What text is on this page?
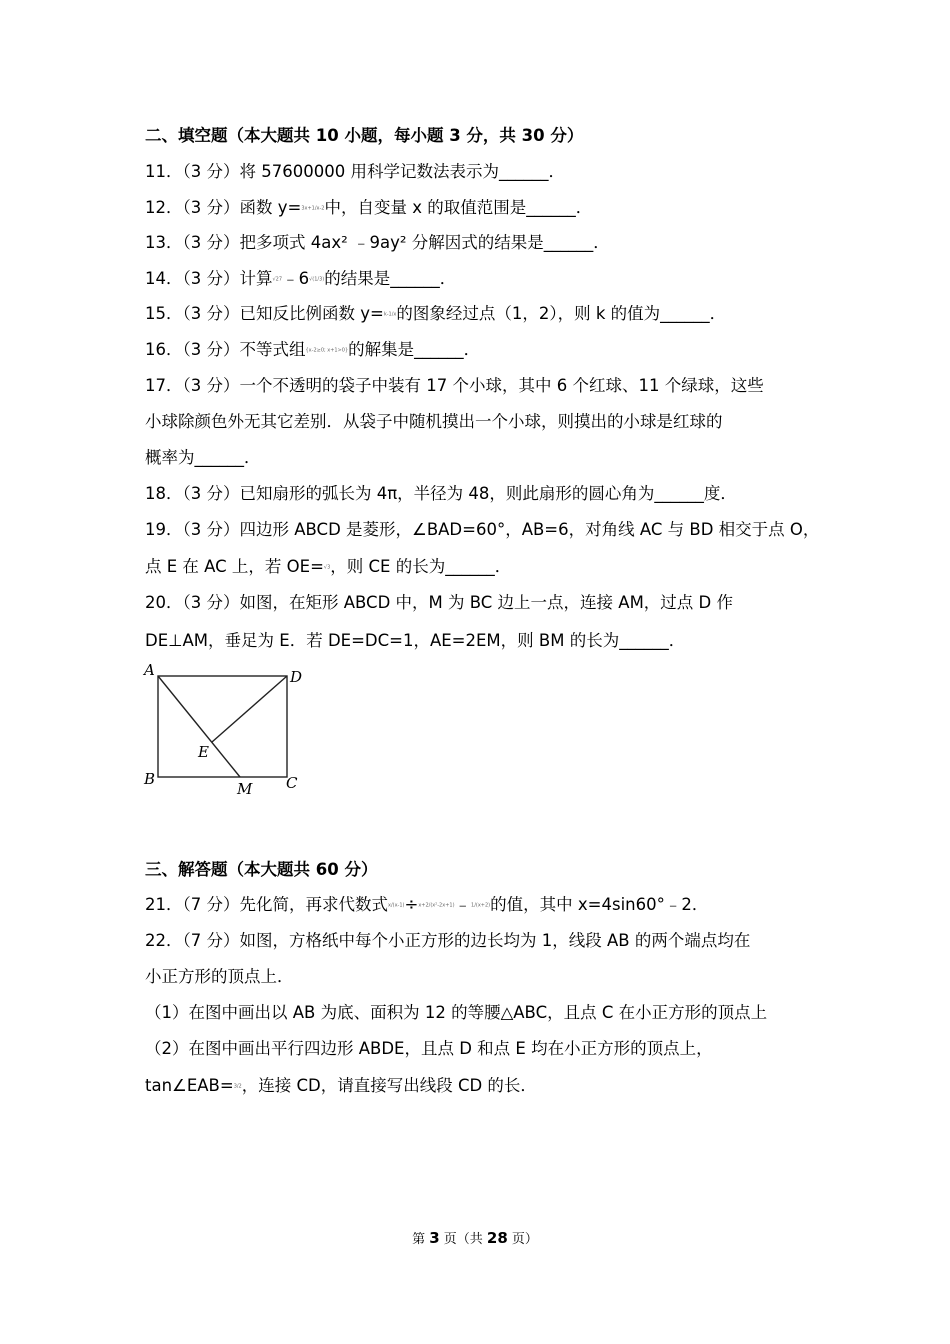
二、填空题（本大题共 10 小题，每小题 3 分，共 30 分）
11．（3 分）将 57600000 用科学记数法表示为______．
12．（3 分）函数 y=3x+1/x-2中，自变量 x 的取值范围是______．
13．（3 分）把多项式 4ax² ﹣9ay² 分解因式的结果是______．
14．（3 分）计算√27﹣6√(1/3)的结果是______．
15．（3 分）已知反比例函数 y=k-1/x的图象经过点（1，2），则 k 的值为______．
16．（3 分）不等式组{x-2≥0; x+1>0}的解集是______．
17．（3 分）一个不透明的袋子中装有 17 个小球，其中 6 个红球、11 个绿球，这些
小球除颜色外无其它差别．从袋子中随机摸出一个小球，则摸出的小球是红球的
概率为______．
18．（3 分）已知扇形的弧长为 4π，半径为 48，则此扇形的圆心角为______度．
19．（3 分）四边形 ABCD 是菱形，∠BAD=60°，AB=6，对角线 AC 与 BD 相交于点 O，
点 E 在 AC 上，若 OE=√3，则 CE 的长为______．
20．（3 分）如图，在矩形 ABCD 中，M 为 BC 边上一点，连接 AM，过点 D 作
DE⊥AM，垂足为 E．若 DE=DC=1，AE=2EM，则 BM 的长为______．
A	D
E
B
M C
三、解答题（本大题共 60 分）
21．（7 分）先化简，再求代数式x/(x-1)÷x+2/(x²-2x+1)﹣1/(x+2)的值，其中 x=4sin60°﹣2．
22．（7 分）如图，方格纸中每个小正方形的边长均为 1，线段 AB 的两个端点均在
小正方形的顶点上．
（1）在图中画出以 AB 为底、面积为 12 的等腰△ABC，且点 C 在小正方形的顶点上
（2）在图中画出平行四边形 ABDE，且点 D 和点 E 均在小正方形的顶点上，
tan∠EAB=3/2，连接 CD，请直接写出线段 CD 的长．
第 3 页（共 28 页）
